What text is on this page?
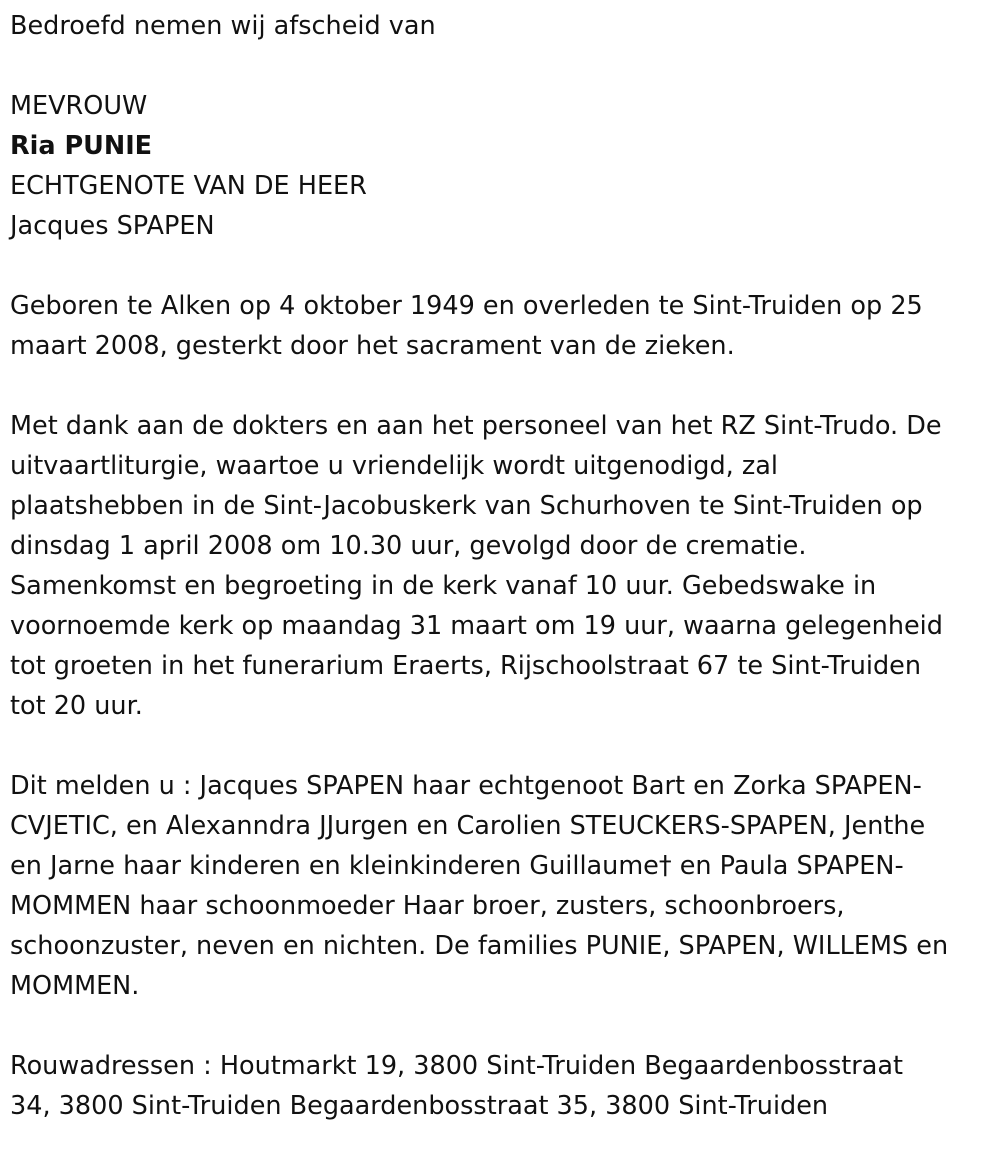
Bedroefd nemen wij afscheid van

MEVROUW

Ria PUNIE

ECHTGENOTE VAN DE HEER

Jacques SPAPEN

Geboren te Alken op 4 oktober 1949 en overleden te Sint-Truiden op 25

maart 2008, gesterkt door het sacrament van de zieken.

Met dank aan de dokters en aan het personeel van het RZ Sint-Trudo. De

uitvaartliturgie, waartoe u vriendelijk wordt uitgenodigd, zal

plaatshebben in de Sint-Jacobuskerk van Schurhoven te Sint-Truiden op

dinsdag 1 april 2008 om 10.30 uur, gevolgd door de crematie.

Samenkomst en begroeting in de kerk vanaf 10 uur. Gebedswake in

voornoemde kerk op maandag 31 maart om 19 uur, waarna gelegenheid

tot groeten in het funerarium Eraerts, Rijschoolstraat 67 te Sint-Truiden

tot 20 uur.

Dit melden u : Jacques SPAPEN haar echtgenoot Bart en Zorka SPAPEN-

CVJETIC, en Alexanndra JJurgen en Carolien STEUCKERS-SPAPEN, Jenthe

en Jarne haar kinderen en kleinkinderen Guillaume† en Paula SPAPEN-

MOMMEN haar schoonmoeder Haar broer, zusters, schoonbroers,

schoonzuster, neven en nichten. De families PUNIE, SPAPEN, WILLEMS en

MOMMEN.

Rouwadressen : Houtmarkt 19, 3800 Sint-Truiden Begaardenbosstraat

34, 3800 Sint-Truiden Begaardenbosstraat 35, 3800 Sint-Truiden
